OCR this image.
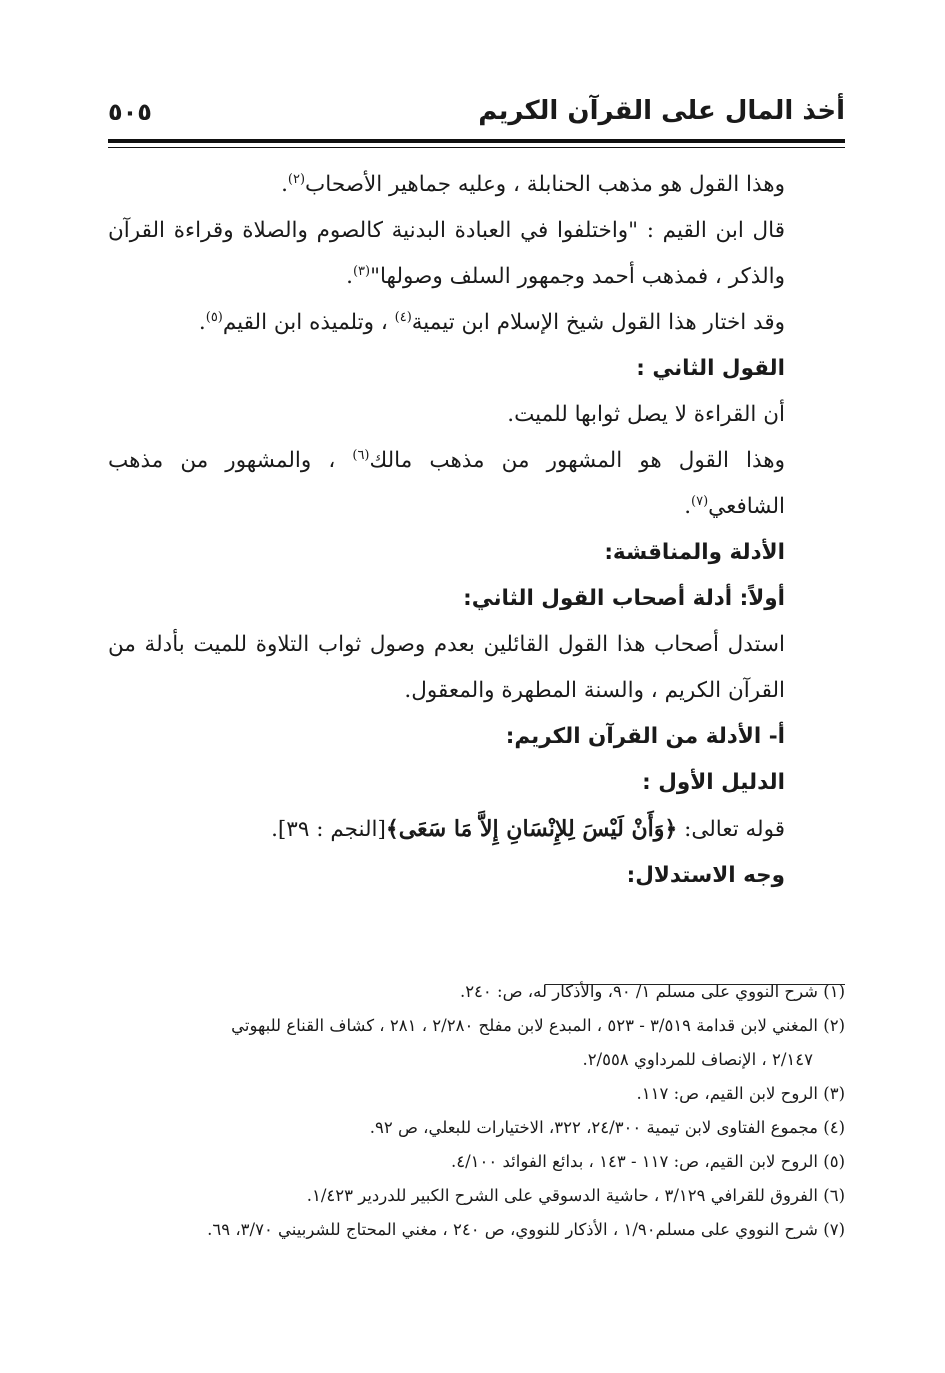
أخذ المال على القرآن الكريم
٥٠٥

وهذا القول هو مذهب الحنابلة ، وعليه جماهير الأصحاب$^{(٢)}$.

قال ابن القيم : "واختلفوا في العبادة البدنية كالصوم والصلاة وقراءة القرآن والذكر ، فمذهب أحمد وجمهور السلف وصولها"$^{(٣)}$.

وقد اختار هذا القول شيخ الإسلام ابن تيمية$^{(٤)}$ ، وتلميذه ابن القيم$^{(٥)}$.

القول الثاني :

أن القراءة لا يصل ثوابها للميت.

وهذا القول هو المشهور من مذهب مالك$^{(٦)}$ ، والمشهور من مذهب الشافعي$^{(٧)}$.

الأدلة والمناقشة:

أولاً: أدلة أصحاب القول الثاني:

استدل أصحاب هذا القول القائلين بعدم وصول ثواب التلاوة للميت بأدلة من القرآن الكريم ، والسنة المطهرة والمعقول.

أ- الأدلة من القرآن الكريم:

الدليل الأول :

قوله تعالى: ﴿وَأَنْ لَيْسَ لِلإِنْسَانِ إِلاَّ مَا سَعَى﴾[النجم : ٣٩].

وجه الاستدلال:

(١) شرح النووي على مسلم ١/ ٩٠، والأذكار له، ص: ٢٤٠.

(٢) المغني لابن قدامة ٣/٥١٩ - ٥٢٣ ، المبدع لابن مفلح ٢/٢٨٠ ، ٢٨١ ، كشاف القناع للبهوتي

٢/١٤٧ ، الإنصاف للمرداوي ٢/٥٥٨.

(٣) الروح لابن القيم، ص: ١١٧.

(٤) مجموع الفتاوى لابن تيمية ٢٤/٣٠٠، ٣٢٢، الاختيارات للبعلي، ص ٩٢.

(٥) الروح لابن القيم، ص: ١١٧ - ١٤٣ ، بدائع الفوائد ٤/١٠٠.

(٦) الفروق للقرافي ٣/١٢٩ ، حاشية الدسوقي على الشرح الكبير للدردير ١/٤٢٣.

(٧) شرح النووي على مسلم١/٩٠ ، الأذكار للنووي، ص ٢٤٠ ، مغني المحتاج للشربيني ٣/٧٠، ٦٩.
